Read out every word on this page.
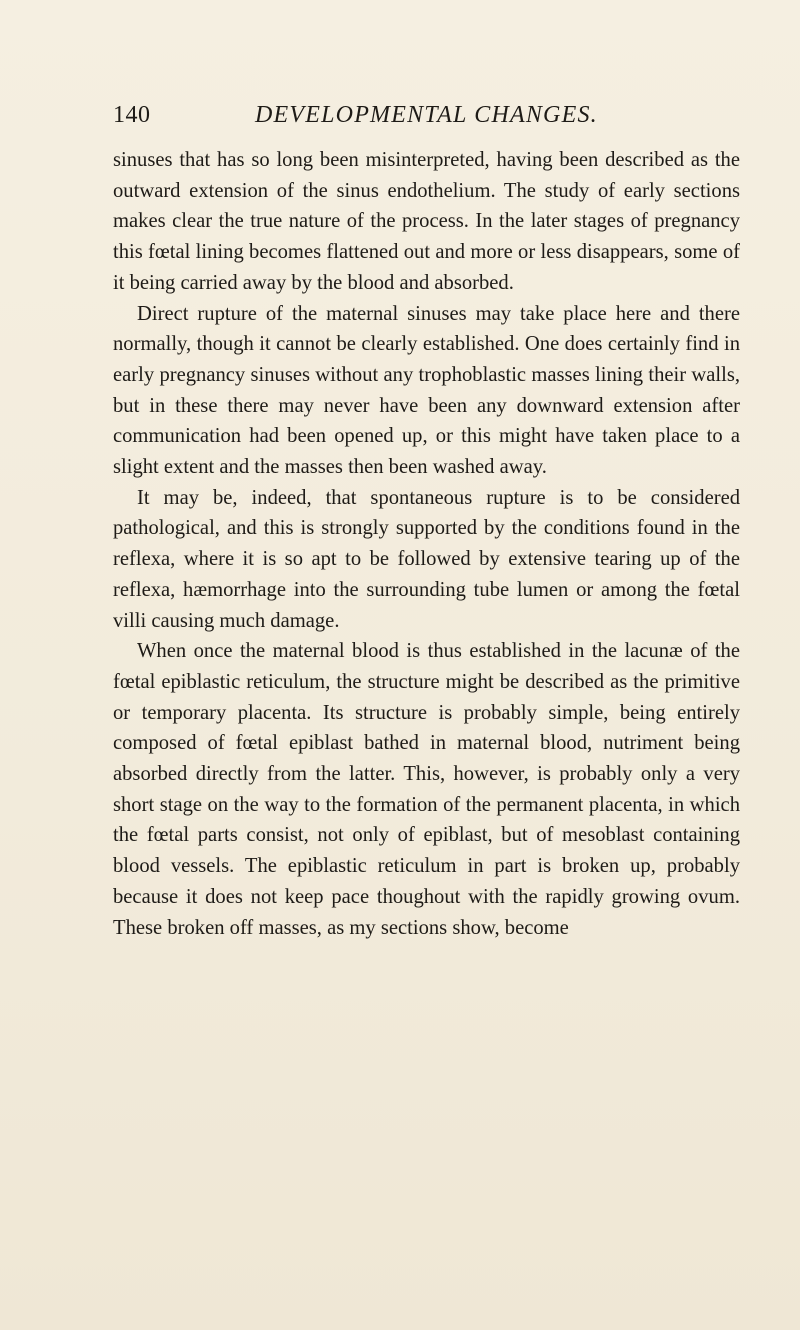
140	DEVELOPMENTAL CHANGES.

sinuses that has so long been misinterpreted, having been described as the outward extension of the sinus endothelium. The study of early sections makes clear the true nature of the process. In the later stages of pregnancy this fœtal lining becomes flattened out and more or less disappears, some of it being carried away by the blood and absorbed.

Direct rupture of the maternal sinuses may take place here and there normally, though it cannot be clearly established. One does certainly find in early pregnancy sinuses without any trophoblastic masses lining their walls, but in these there may never have been any downward extension after communication had been opened up, or this might have taken place to a slight extent and the masses then been washed away.

It may be, indeed, that spontaneous rupture is to be considered pathological, and this is strongly supported by the conditions found in the reflexa, where it is so apt to be followed by extensive tearing up of the reflexa, hæmorrhage into the surrounding tube lumen or among the fœtal villi causing much damage.

When once the maternal blood is thus established in the lacunæ of the fœtal epiblastic reticulum, the structure might be described as the primitive or temporary placenta. Its structure is probably simple, being entirely composed of fœtal epiblast bathed in maternal blood, nutriment being absorbed directly from the latter. This, however, is probably only a very short stage on the way to the formation of the permanent placenta, in which the fœtal parts consist, not only of epiblast, but of mesoblast containing blood vessels. The epiblastic reticulum in part is broken up, probably because it does not keep pace thoughout with the rapidly growing ovum. These broken off masses, as my sections show, become
